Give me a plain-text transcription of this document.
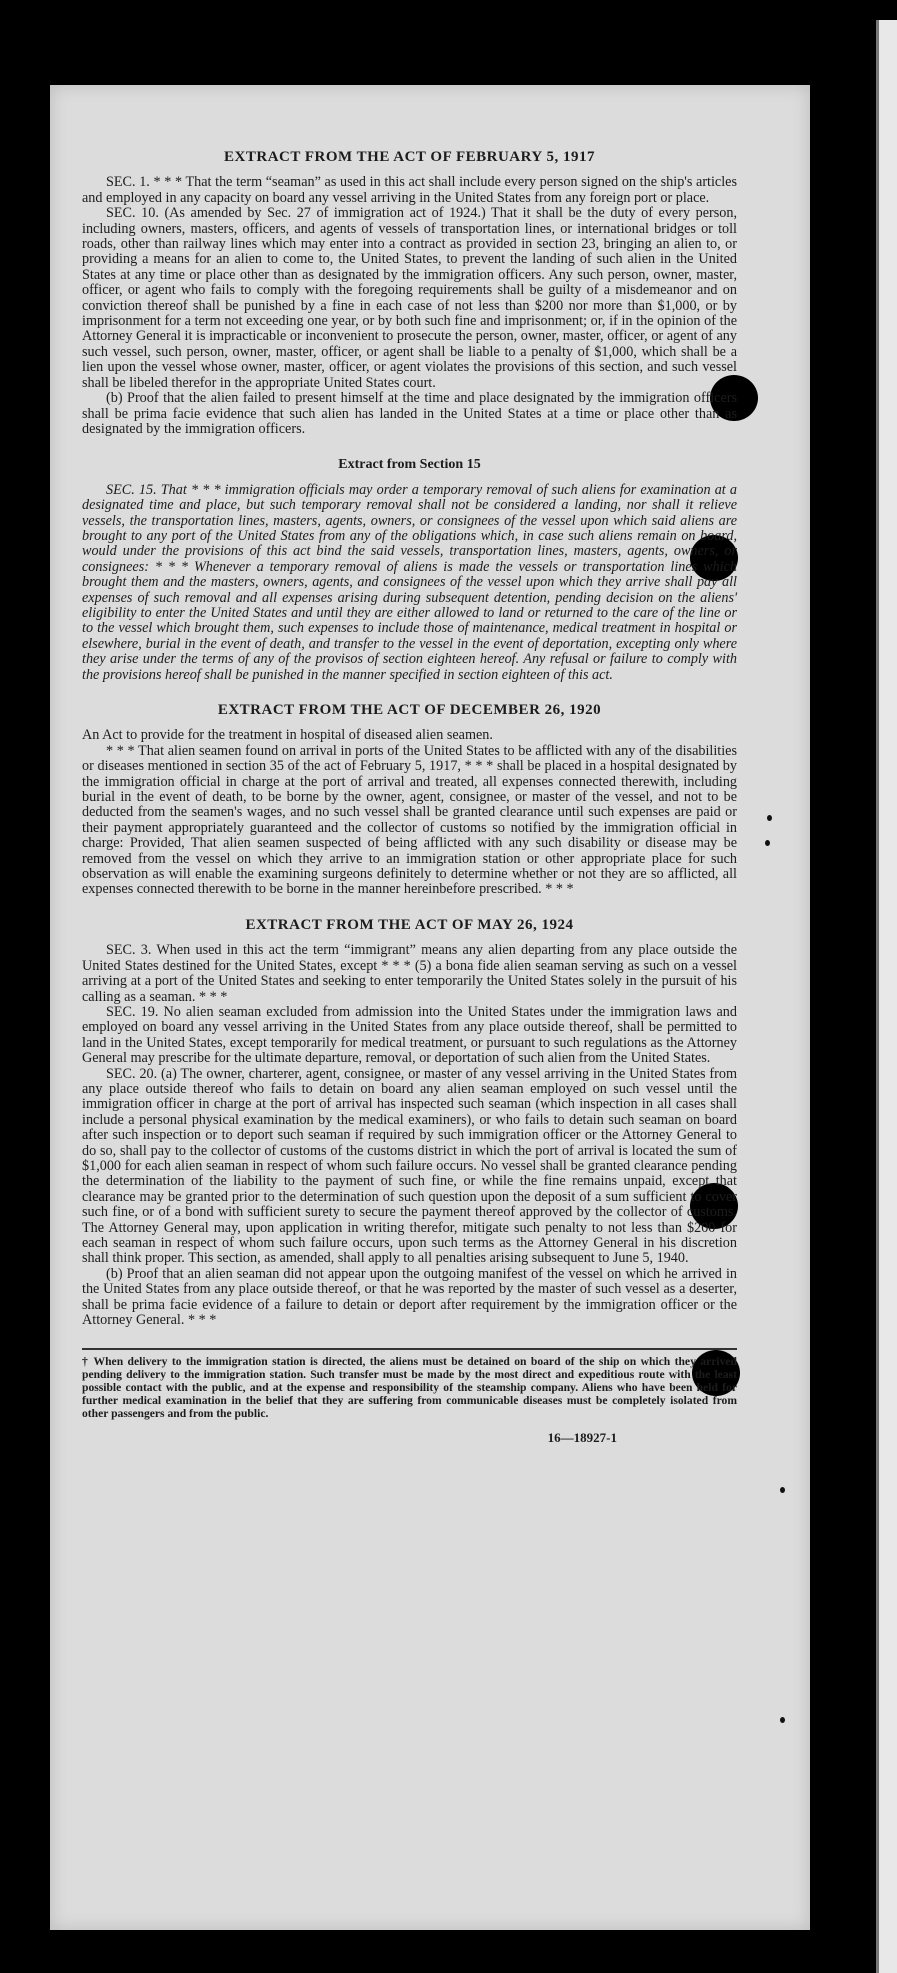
EXTRACT FROM THE ACT OF FEBRUARY 5, 1917

SEC. 1. * * * That the term “seaman” as used in this act shall include every person signed on the ship's articles and employed in any capacity on board any vessel arriving in the United States from any foreign port or place.

SEC. 10. (As amended by Sec. 27 of immigration act of 1924.) That it shall be the duty of every person, including owners, masters, officers, and agents of vessels of transportation lines, or international bridges or toll roads, other than railway lines which may enter into a contract as provided in section 23, bringing an alien to, or providing a means for an alien to come to, the United States, to prevent the landing of such alien in the United States at any time or place other than as designated by the immigration officers. Any such person, owner, master, officer, or agent who fails to comply with the foregoing requirements shall be guilty of a misdemeanor and on conviction thereof shall be punished by a fine in each case of not less than $200 nor more than $1,000, or by imprisonment for a term not exceeding one year, or by both such fine and imprisonment; or, if in the opinion of the Attorney General it is impracticable or inconvenient to prosecute the person, owner, master, officer, or agent of any such vessel, such person, owner, master, officer, or agent shall be liable to a penalty of $1,000, which shall be a lien upon the vessel whose owner, master, officer, or agent violates the provisions of this section, and such vessel shall be libeled therefor in the appropriate United States court.

(b) Proof that the alien failed to present himself at the time and place designated by the immigration officers shall be prima facie evidence that such alien has landed in the United States at a time or place other than as designated by the immigration officers.

Extract from Section 15

SEC. 15. That * * * immigration officials may order a temporary removal of such aliens for examination at a designated time and place, but such temporary removal shall not be considered a landing, nor shall it relieve vessels, the transportation lines, masters, agents, owners, or consignees of the vessel upon which said aliens are brought to any port of the United States from any of the obligations which, in case such aliens remain on board, would under the provisions of this act bind the said vessels, transportation lines, masters, agents, owners, or consignees: * * * Whenever a temporary removal of aliens is made the vessels or transportation lines which brought them and the masters, owners, agents, and consignees of the vessel upon which they arrive shall pay all expenses of such removal and all expenses arising during subsequent detention, pending decision on the aliens' eligibility to enter the United States and until they are either allowed to land or returned to the care of the line or to the vessel which brought them, such expenses to include those of maintenance, medical treatment in hospital or elsewhere, burial in the event of death, and transfer to the vessel in the event of deportation, excepting only where they arise under the terms of any of the provisos of section eighteen hereof. Any refusal or failure to comply with the provisions hereof shall be punished in the manner specified in section eighteen of this act.

EXTRACT FROM THE ACT OF DECEMBER 26, 1920

An Act to provide for the treatment in hospital of diseased alien seamen.

* * * That alien seamen found on arrival in ports of the United States to be afflicted with any of the disabilities or diseases mentioned in section 35 of the act of February 5, 1917, * * * shall be placed in a hospital designated by the immigration official in charge at the port of arrival and treated, all expenses connected therewith, including burial in the event of death, to be borne by the owner, agent, consignee, or master of the vessel, and not to be deducted from the seamen's wages, and no such vessel shall be granted clearance until such expenses are paid or their payment appropriately guaranteed and the collector of customs so notified by the immigration official in charge: Provided, That alien seamen suspected of being afflicted with any such disability or disease may be removed from the vessel on which they arrive to an immigration station or other appropriate place for such observation as will enable the examining surgeons definitely to determine whether or not they are so afflicted, all expenses connected therewith to be borne in the manner hereinbefore prescribed. * * *

EXTRACT FROM THE ACT OF MAY 26, 1924

SEC. 3. When used in this act the term “immigrant” means any alien departing from any place outside the United States destined for the United States, except * * * (5) a bona fide alien seaman serving as such on a vessel arriving at a port of the United States and seeking to enter temporarily the United States solely in the pursuit of his calling as a seaman. * * *

SEC. 19. No alien seaman excluded from admission into the United States under the immigration laws and employed on board any vessel arriving in the United States from any place outside thereof, shall be permitted to land in the United States, except temporarily for medical treatment, or pursuant to such regulations as the Attorney General may prescribe for the ultimate departure, removal, or deportation of such alien from the United States.

SEC. 20. (a) The owner, charterer, agent, consignee, or master of any vessel arriving in the United States from any place outside thereof who fails to detain on board any alien seaman employed on such vessel until the immigration officer in charge at the port of arrival has inspected such seaman (which inspection in all cases shall include a personal physical examination by the medical examiners), or who fails to detain such seaman on board after such inspection or to deport such seaman if required by such immigration officer or the Attorney General to do so, shall pay to the collector of customs of the customs district in which the port of arrival is located the sum of $1,000 for each alien seaman in respect of whom such failure occurs. No vessel shall be granted clearance pending the determination of the liability to the payment of such fine, or while the fine remains unpaid, except that clearance may be granted prior to the determination of such question upon the deposit of a sum sufficient to cover such fine, or of a bond with sufficient surety to secure the payment thereof approved by the collector of customs. The Attorney General may, upon application in writing therefor, mitigate such penalty to not less than $200 for each seaman in respect of whom such failure occurs, upon such terms as the Attorney General in his discretion shall think proper. This section, as amended, shall apply to all penalties arising subsequent to June 5, 1940.

(b) Proof that an alien seaman did not appear upon the outgoing manifest of the vessel on which he arrived in the United States from any place outside thereof, or that he was reported by the master of such vessel as a deserter, shall be prima facie evidence of a failure to detain or deport after requirement by the immigration officer or the Attorney General. * * *

† When delivery to the immigration station is directed, the aliens must be detained on board of the ship on which they arrived pending delivery to the immigration station. Such transfer must be made by the most direct and expeditious route with the least possible contact with the public, and at the expense and responsibility of the steamship company. Aliens who have been held for further medical examination in the belief that they are suffering from communicable diseases must be completely isolated from other passengers and from the public.
16—18927-1
